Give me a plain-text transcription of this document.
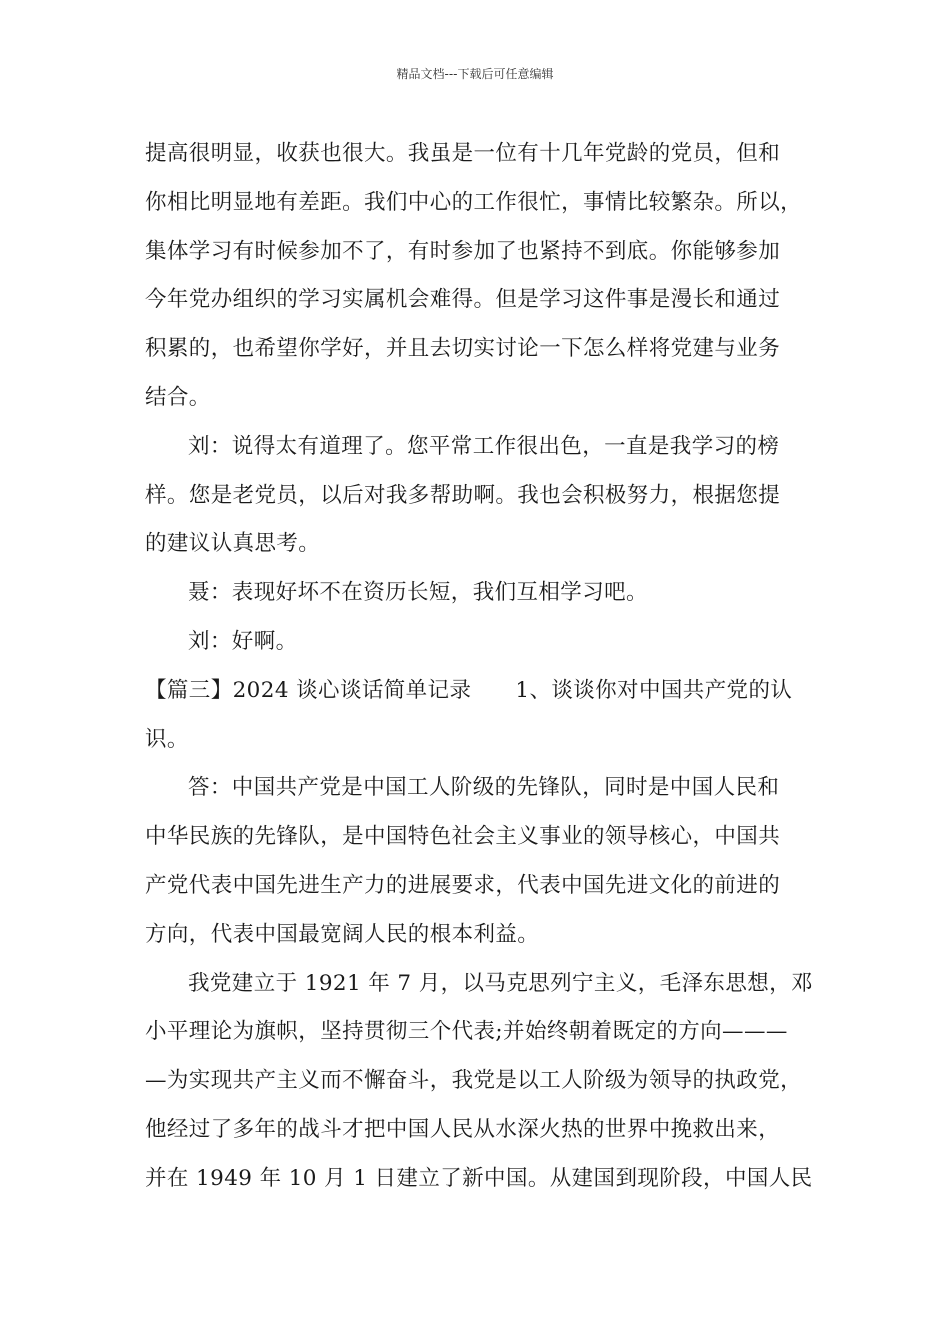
精品文档---下载后可任意编辑
提高很明显，收获也很大。我虽是一位有十几年党龄的党员，但和
你相比明显地有差距。我们中心的工作很忙，事情比较繁杂。所以，
集体学习有时候参加不了，有时参加了也紧持不到底。你能够参加
今年党办组织的学习实属机会难得。但是学习这件事是漫长和通过
积累的，也希望你学好，并且去切实讨论一下怎么样将党建与业务
结合。
刘：说得太有道理了。您平常工作很出色，一直是我学习的榜
样。您是老党员，以后对我多帮助啊。我也会积极努力，根据您提
的建议认真思考。
聂：表现好坏不在资历长短，我们互相学习吧。
刘：好啊。
【篇三】2024 谈心谈话简单记录 1、谈谈你对中国共产党的认
识。
答：中国共产党是中国工人阶级的先锋队，同时是中国人民和
中华民族的先锋队，是中国特色社会主义事业的领导核心，中国共
产党代表中国先进生产力的进展要求，代表中国先进文化的前进的
方向，代表中国最宽阔人民的根本利益。
我党建立于 1921 年 7 月，以马克思列宁主义，毛泽东思想，邓
小平理论为旗帜，坚持贯彻三个代表;并始终朝着既定的方向———
—为实现共产主义而不懈奋斗，我党是以工人阶级为领导的执政党，
他经过了多年的战斗才把中国人民从水深火热的世界中挽救出来，
并在 1949 年 10 月 1 日建立了新中国。从建国到现阶段，中国人民
